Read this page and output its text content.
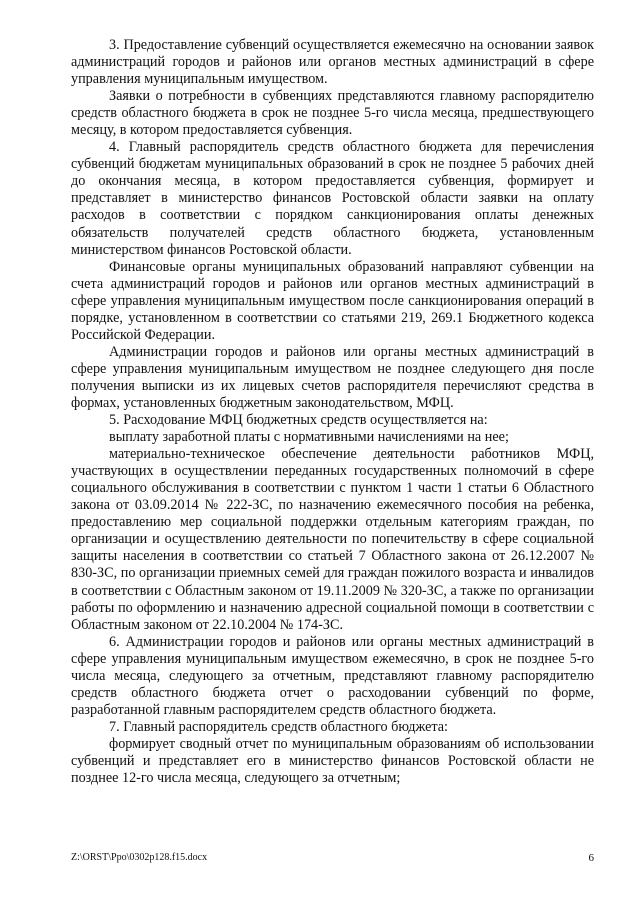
3. Предоставление субвенций осуществляется ежемесячно на основании заявок администраций городов и районов или органов местных администраций в сфере управления муниципальным имуществом.

Заявки о потребности в субвенциях представляются главному распорядителю средств областного бюджета в срок не позднее 5-го числа месяца, предшествующего месяцу, в котором предоставляется субвенция.

4. Главный распорядитель средств областного бюджета для перечисления субвенций бюджетам муниципальных образований в срок не позднее 5 рабочих дней до окончания месяца, в котором предоставляется субвенция, формирует и представляет в министерство финансов Ростовской области заявки на оплату расходов в соответствии с порядком санкционирования оплаты денежных обязательств получателей средств областного бюджета, установленным министерством финансов Ростовской области.

Финансовые органы муниципальных образований направляют субвенции на счета администраций городов и районов или органов местных администраций в сфере управления муниципальным имуществом после санкционирования операций в порядке, установленном в соответствии со статьями 219, 269.1 Бюджетного кодекса Российской Федерации.

Администрации городов и районов или органы местных администраций в сфере управления муниципальным имуществом не позднее следующего дня после получения выписки из их лицевых счетов распорядителя перечисляют средства в формах, установленных бюджетным законодательством, МФЦ.

5. Расходование МФЦ бюджетных средств осуществляется на:

выплату заработной платы с нормативными начислениями на нее;

материально-техническое обеспечение деятельности работников МФЦ, участвующих в осуществлении переданных государственных полномочий в сфере социального обслуживания в соответствии с пунктом 1 части 1 статьи 6 Областного закона от 03.09.2014 № 222-ЗС, по назначению ежемесячного пособия на ребенка, предоставлению мер социальной поддержки отдельным категориям граждан, по организации и осуществлению деятельности по попечительству в сфере социальной защиты населения в соответствии со статьей 7 Областного закона от 26.12.2007 № 830-ЗС, по организации приемных семей для граждан пожилого возраста и инвалидов в соответствии с Областным законом от 19.11.2009 № 320-ЗС, а также по организации работы по оформлению и назначению адресной социальной помощи в соответствии с Областным законом от 22.10.2004 № 174-ЗС.

6. Администрации городов и районов или органы местных администраций в сфере управления муниципальным имуществом ежемесячно, в срок не позднее 5-го числа месяца, следующего за отчетным, представляют главному распорядителю средств областного бюджета отчет о расходовании субвенций по форме, разработанной главным распорядителем средств областного бюджета.

7. Главный распорядитель средств областного бюджета:

формирует сводный отчет по муниципальным образованиям об использовании субвенций и представляет его в министерство финансов Ростовской области не позднее 12-го числа месяца, следующего за отчетным;

Z:\ORST\Ppo\0302p128.f15.docx	6
